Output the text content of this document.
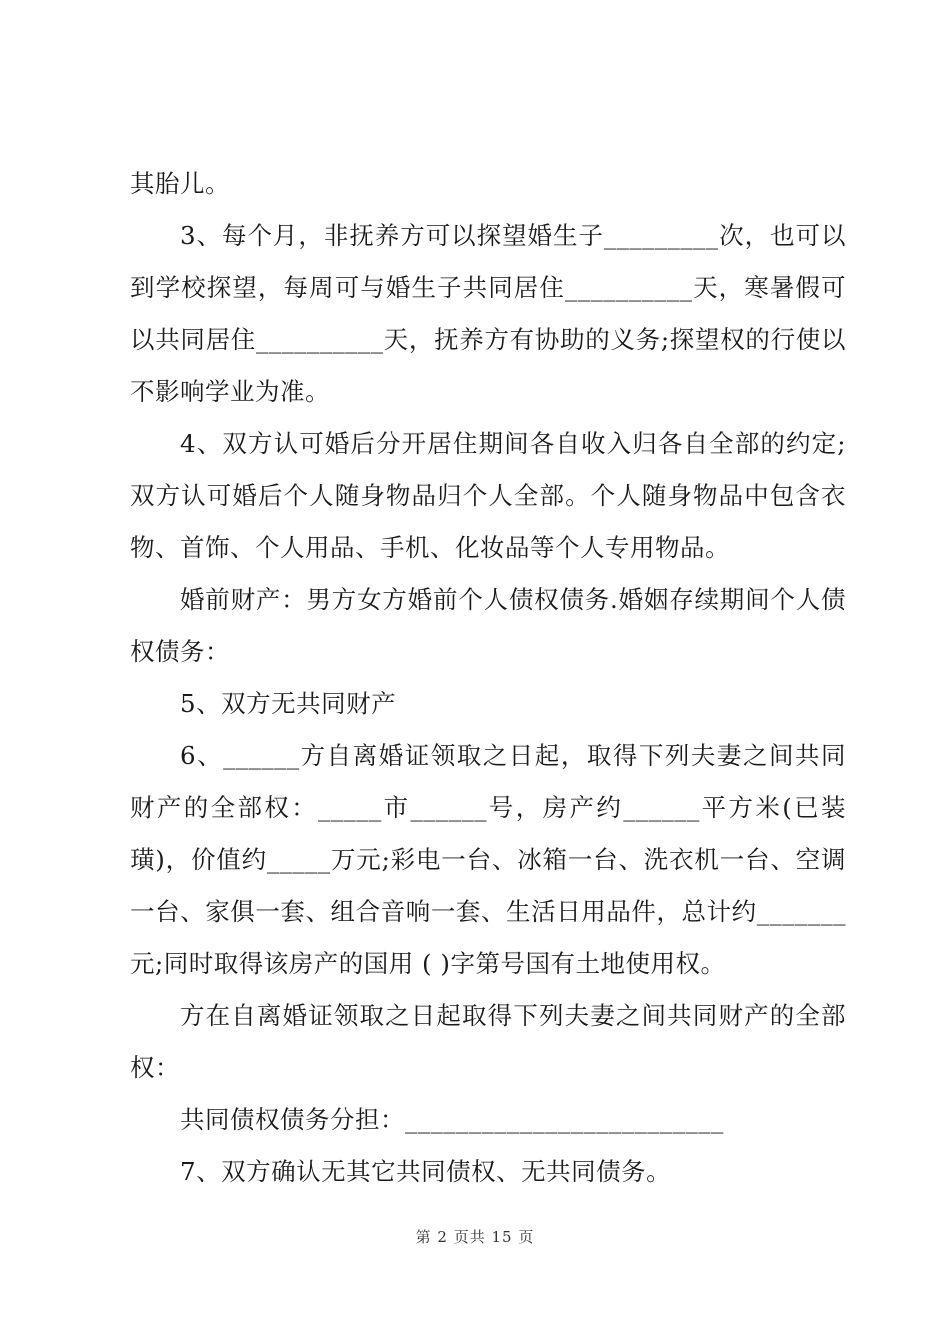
其胎儿。

3、每个月，非抚养方可以探望婚生子_________次，也可以到学校探望，每周可与婚生子共同居住__________天，寒暑假可以共同居住__________天，抚养方有协助的义务;探望权的行使以不影响学业为准。

4、双方认可婚后分开居住期间各自收入归各自全部的约定;双方认可婚后个人随身物品归个人全部。个人随身物品中包含衣物、首饰、个人用品、手机、化妆品等个人专用物品。

婚前财产：男方女方婚前个人债权债务.婚姻存续期间个人债权债务：

5、双方无共同财产

6、______方自离婚证领取之日起，取得下列夫妻之间共同财产的全部权：_____市______号，房产约______平方米(已装璜)，价值约_____万元;彩电一台、冰箱一台、洗衣机一台、空调一台、家俱一套、组合音响一套、生活日用品件，总计约_______元;同时取得该房产的国用 ( )字第号国有土地使用权。

方在自离婚证领取之日起取得下列夫妻之间共同财产的全部权：

共同债权债务分担：_________________________

7、双方确认无其它共同债权、无共同债务。

第 2 页共 15 页
